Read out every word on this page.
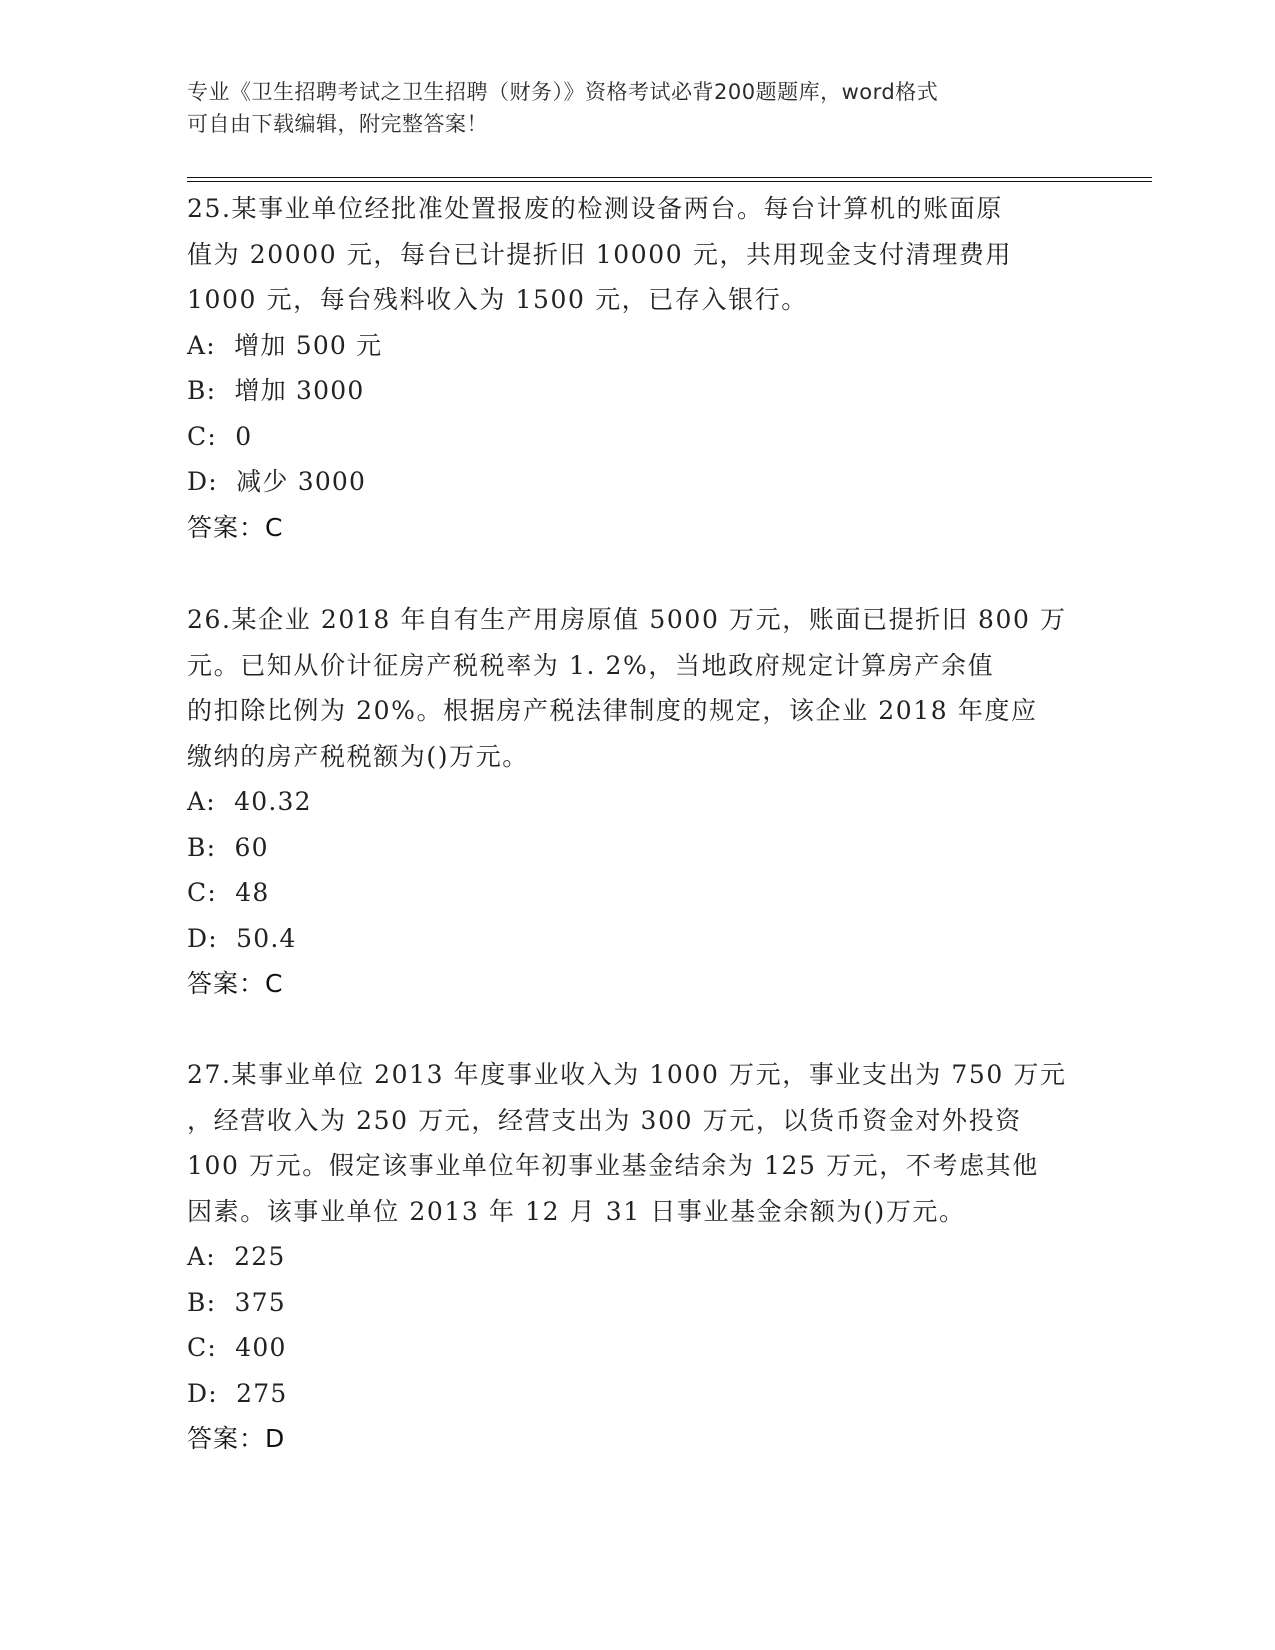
专业《卫生招聘考试之卫生招聘（财务）》资格考试必背200题题库，word格式
可自由下载编辑，附完整答案！
25.某事业单位经批准处置报废的检测设备两台。每台计算机的账面原
值为 20000 元，每台已计提折旧 10000 元，共用现金支付清理费用
1000 元，每台残料收入为 1500 元，已存入银行。
A:  增加 500 元
B:  增加 3000
C:  0
D:  减少 3000
答案：C
26.某企业 2018 年自有生产用房原值 5000 万元，账面已提折旧 800 万
元。已知从价计征房产税税率为 1. 2%，当地政府规定计算房产余值
的扣除比例为 20%。根据房产税法律制度的规定，该企业 2018 年度应
缴纳的房产税税额为()万元。
A:  40.32
B:  60
C:  48
D:  50.4
答案：C
27.某事业单位 2013 年度事业收入为 1000 万元，事业支出为 750 万元
，经营收入为 250 万元，经营支出为 300 万元，以货币资金对外投资
100 万元。假定该事业单位年初事业基金结余为 125 万元，不考虑其他
因素。该事业单位 2013 年 12 月 31 日事业基金余额为()万元。
A:  225
B:  375
C:  400
D:  275
答案：D
